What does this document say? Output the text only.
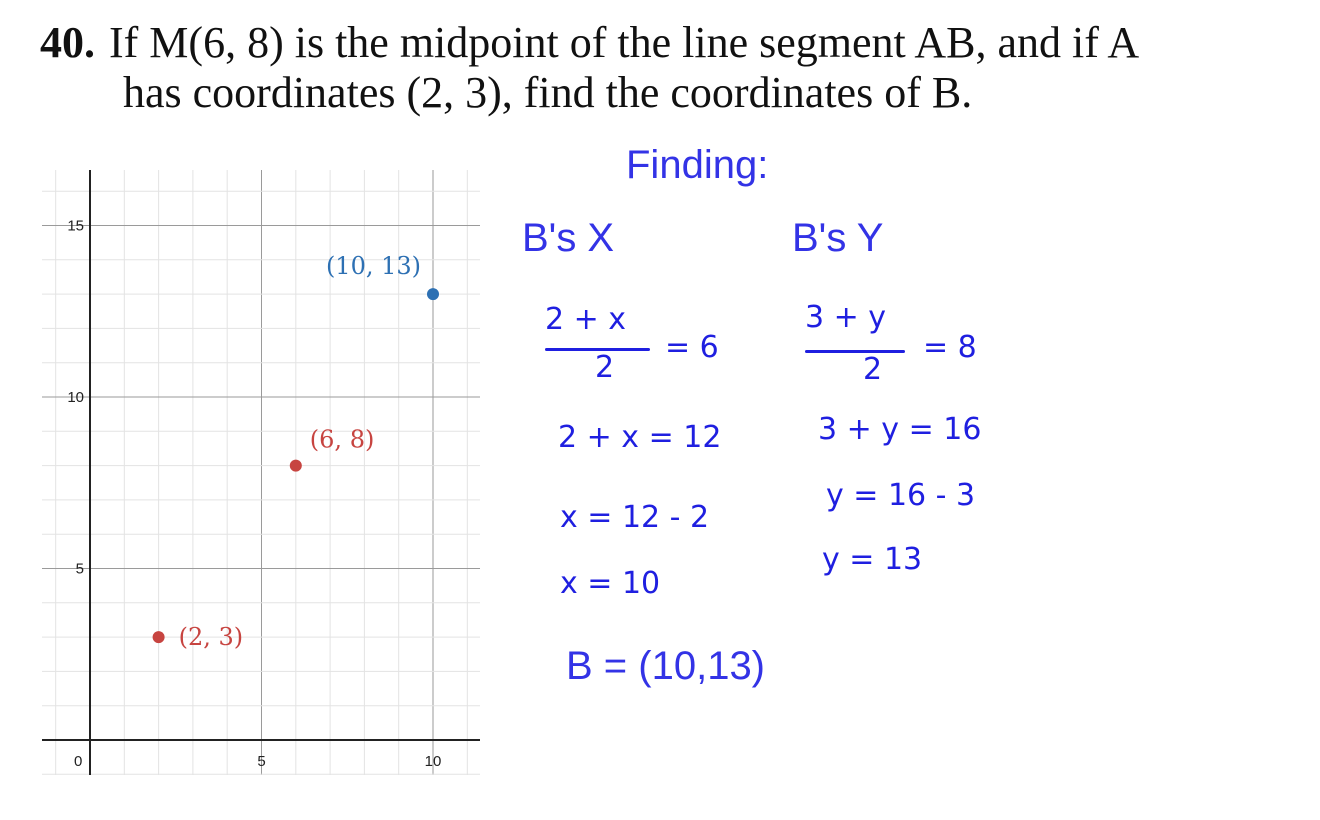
40. If M(6, 8) is the midpoint of the line segment AB, and if A
has coordinates (2, 3), find the coordinates of B.
0	5	10
5
10
15
(2, 3)
(6, 8)
(10, 13)
Finding:
B's X	B's Y
2 + x
2
= 6
2 + x = 12
x = 12 - 2
x = 10
3 + y
2
= 8
3 + y = 16
y = 16 - 3
y = 13
B = (10,13)
